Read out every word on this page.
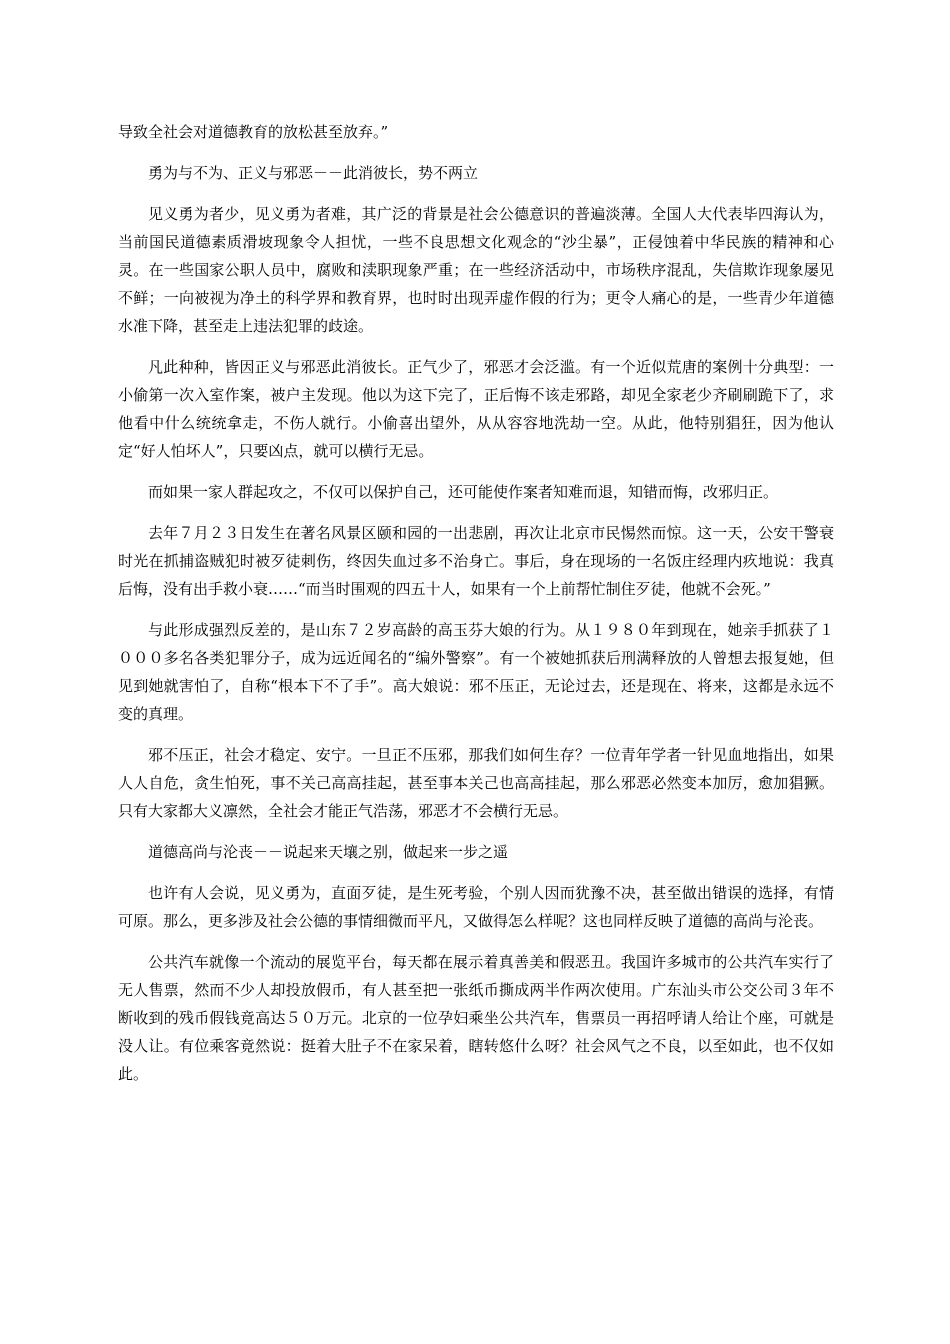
导致全社会对道德教育的放松甚至放弃。”

勇为与不为、正义与邪恶－－此消彼长，势不两立

见义勇为者少，见义勇为者难，其广泛的背景是社会公德意识的普遍淡薄。全国人大代表毕四海认为，当前国民道德素质滑坡现象令人担忧，一些不良思想文化观念的“沙尘暴”，正侵蚀着中华民族的精神和心灵。在一些国家公职人员中，腐败和渎职现象严重；在一些经济活动中，市场秩序混乱，失信欺诈现象屡见不鲜；一向被视为净土的科学界和教育界，也时时出现弄虚作假的行为；更令人痛心的是，一些青少年道德水准下降，甚至走上违法犯罪的歧途。

凡此种种，皆因正义与邪恶此消彼长。正气少了，邪恶才会泛滥。有一个近似荒唐的案例十分典型：一小偷第一次入室作案，被户主发现。他以为这下完了，正后悔不该走邪路，却见全家老少齐刷刷跪下了，求他看中什么统统拿走，不伤人就行。小偷喜出望外，从从容容地洗劫一空。从此，他特别猖狂，因为他认定“好人怕坏人”，只要凶点，就可以横行无忌。

而如果一家人群起攻之，不仅可以保护自己，还可能使作案者知难而退，知错而悔，改邪归正。

去年７月２３日发生在著名风景区颐和园的一出悲剧，再次让北京市民惕然而惊。这一天，公安干警衰时光在抓捕盗贼犯时被歹徒刺伤，终因失血过多不治身亡。事后，身在现场的一名饭庄经理内疚地说：我真后悔，没有出手救小衰……“而当时围观的四五十人，如果有一个上前帮忙制住歹徒，他就不会死。”

与此形成强烈反差的，是山东７２岁高龄的高玉芬大娘的行为。从１９８０年到现在，她亲手抓获了１０００多名各类犯罪分子，成为远近闻名的“编外警察”。有一个被她抓获后刑满释放的人曾想去报复她，但见到她就害怕了，自称“根本下不了手”。高大娘说：邪不压正，无论过去，还是现在、将来，这都是永远不变的真理。

邪不压正，社会才稳定、安宁。一旦正不压邪，那我们如何生存？一位青年学者一针见血地指出，如果人人自危，贪生怕死，事不关己高高挂起，甚至事本关己也高高挂起，那么邪恶必然变本加厉，愈加猖獗。只有大家都大义凛然，全社会才能正气浩荡，邪恶才不会横行无忌。

道德高尚与沦丧－－说起来天壤之别，做起来一步之遥

也许有人会说，见义勇为，直面歹徒，是生死考验，个别人因而犹豫不决，甚至做出错误的选择，有情可原。那么，更多涉及社会公德的事情细微而平凡，又做得怎么样呢？这也同样反映了道德的高尚与沦丧。

公共汽车就像一个流动的展览平台，每天都在展示着真善美和假恶丑。我国许多城市的公共汽车实行了无人售票，然而不少人却投放假币，有人甚至把一张纸币撕成两半作两次使用。广东汕头市公交公司３年不断收到的残币假钱竟高达５０万元。北京的一位孕妇乘坐公共汽车，售票员一再招呼请人给让个座，可就是没人让。有位乘客竟然说：挺着大肚子不在家呆着，瞎转悠什么呀？社会风气之不良，以至如此，也不仅如此。
